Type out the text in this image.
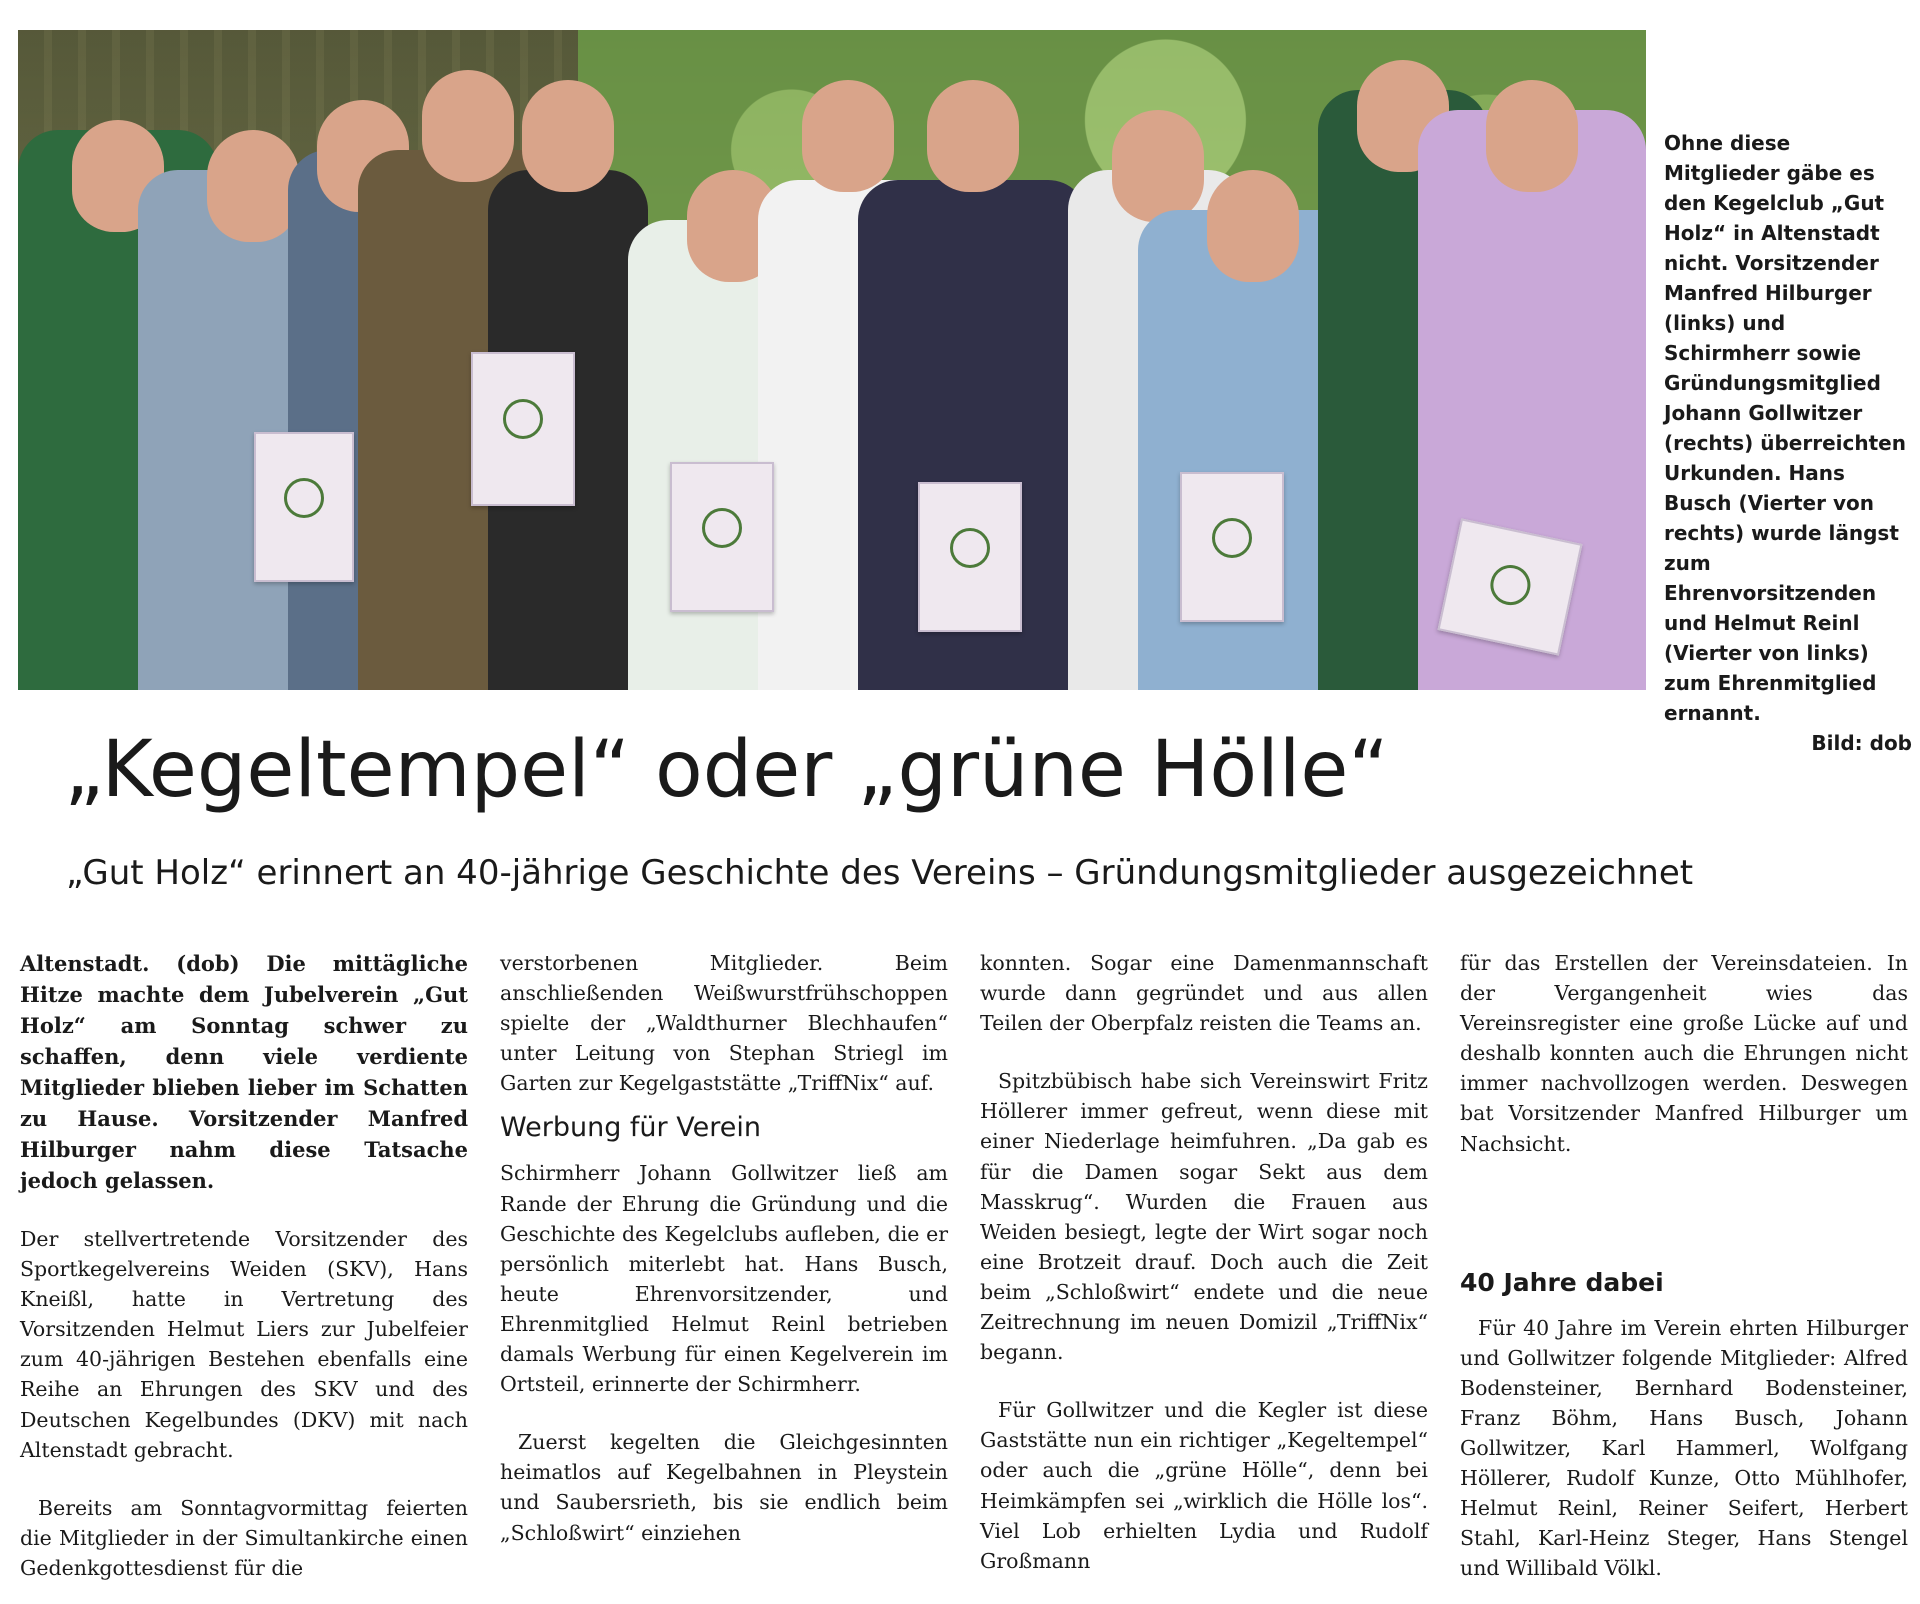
Ohne diese Mitglieder gäbe es den Kegelclub „Gut Holz“ in Altenstadt nicht. Vorsitzender Manfred Hilburger (links) und Schirmherr sowie Gründungsmitglied Johann Gollwitzer (rechts) überreichten Urkunden. Hans Busch (Vierter von rechts) wurde längst zum Ehrenvorsitzenden und Helmut Reinl (Vierter von links) zum Ehrenmitglied ernannt.
Bild: dob
„Kegeltempel“ oder „grüne Hölle“
„Gut Holz“ erinnert an 40-jährige Geschichte des Vereins – Gründungsmitglieder ausgezeichnet

Altenstadt. (dob) Die mittägliche Hitze machte dem Jubelverein „Gut Holz“ am Sonntag schwer zu schaffen, denn viele verdiente Mitglieder blieben lieber im Schatten zu Hause. Vorsitzender Manfred Hilburger nahm diese Tatsache jedoch gelassen.

Der stellvertretende Vorsitzender des Sportkegelvereins Weiden (SKV), Hans Kneißl, hatte in Vertretung des Vorsitzenden Helmut Liers zur Jubelfeier zum 40-jährigen Bestehen ebenfalls eine Reihe an Ehrungen des SKV und des Deutschen Kegelbundes (DKV) mit nach Altenstadt gebracht.

Bereits am Sonntagvormittag feierten die Mitglieder in der Simultankirche einen Gedenkgottesdienst für die

verstorbenen Mitglieder. Beim anschließenden Weißwurstfrühschoppen spielte der „Waldthurner Blechhaufen“ unter Leitung von Stephan Striegl im Garten zur Kegelgaststätte „TriffNix“ auf.

Werbung für Verein

Schirmherr Johann Gollwitzer ließ am Rande der Ehrung die Gründung und die Geschichte des Kegelclubs aufleben, die er persönlich miterlebt hat. Hans Busch, heute Ehrenvorsitzender, und Ehrenmitglied Helmut Reinl betrieben damals Werbung für einen Kegelverein im Ortsteil, erinnerte der Schirmherr.

Zuerst kegelten die Gleichgesinnten heimatlos auf Kegelbahnen in Pleystein und Saubersrieth, bis sie endlich beim „Schloßwirt“ einziehen

konnten. Sogar eine Damenmannschaft wurde dann gegründet und aus allen Teilen der Oberpfalz reisten die Teams an.

Spitzbübisch habe sich Vereinswirt Fritz Höllerer immer gefreut, wenn diese mit einer Niederlage heimfuhren. „Da gab es für die Damen sogar Sekt aus dem Masskrug“. Wurden die Frauen aus Weiden besiegt, legte der Wirt sogar noch eine Brotzeit drauf. Doch auch die Zeit beim „Schloßwirt“ endete und die neue Zeitrechnung im neuen Domizil „TriffNix“ begann.

Für Gollwitzer und die Kegler ist diese Gaststätte nun ein richtiger „Kegeltempel“ oder auch die „grüne Hölle“, denn bei Heimkämpfen sei „wirklich die Hölle los“. Viel Lob erhielten Lydia und Rudolf Großmann

für das Erstellen der Vereinsdateien. In der Vergangenheit wies das Vereinsregister eine große Lücke auf und deshalb konnten auch die Ehrungen nicht immer nachvollzogen werden. Deswegen bat Vorsitzender Manfred Hilburger um Nachsicht.

40 Jahre dabei

Für 40 Jahre im Verein ehrten Hilburger und Gollwitzer folgende Mitglieder: Alfred Bodensteiner, Bernhard Bodensteiner, Franz Böhm, Hans Busch, Johann Gollwitzer, Karl Hammerl, Wolfgang Höllerer, Rudolf Kunze, Otto Mühlhofer, Helmut Reinl, Reiner Seifert, Herbert Stahl, Karl-Heinz Steger, Hans Stengel und Willibald Völkl.
